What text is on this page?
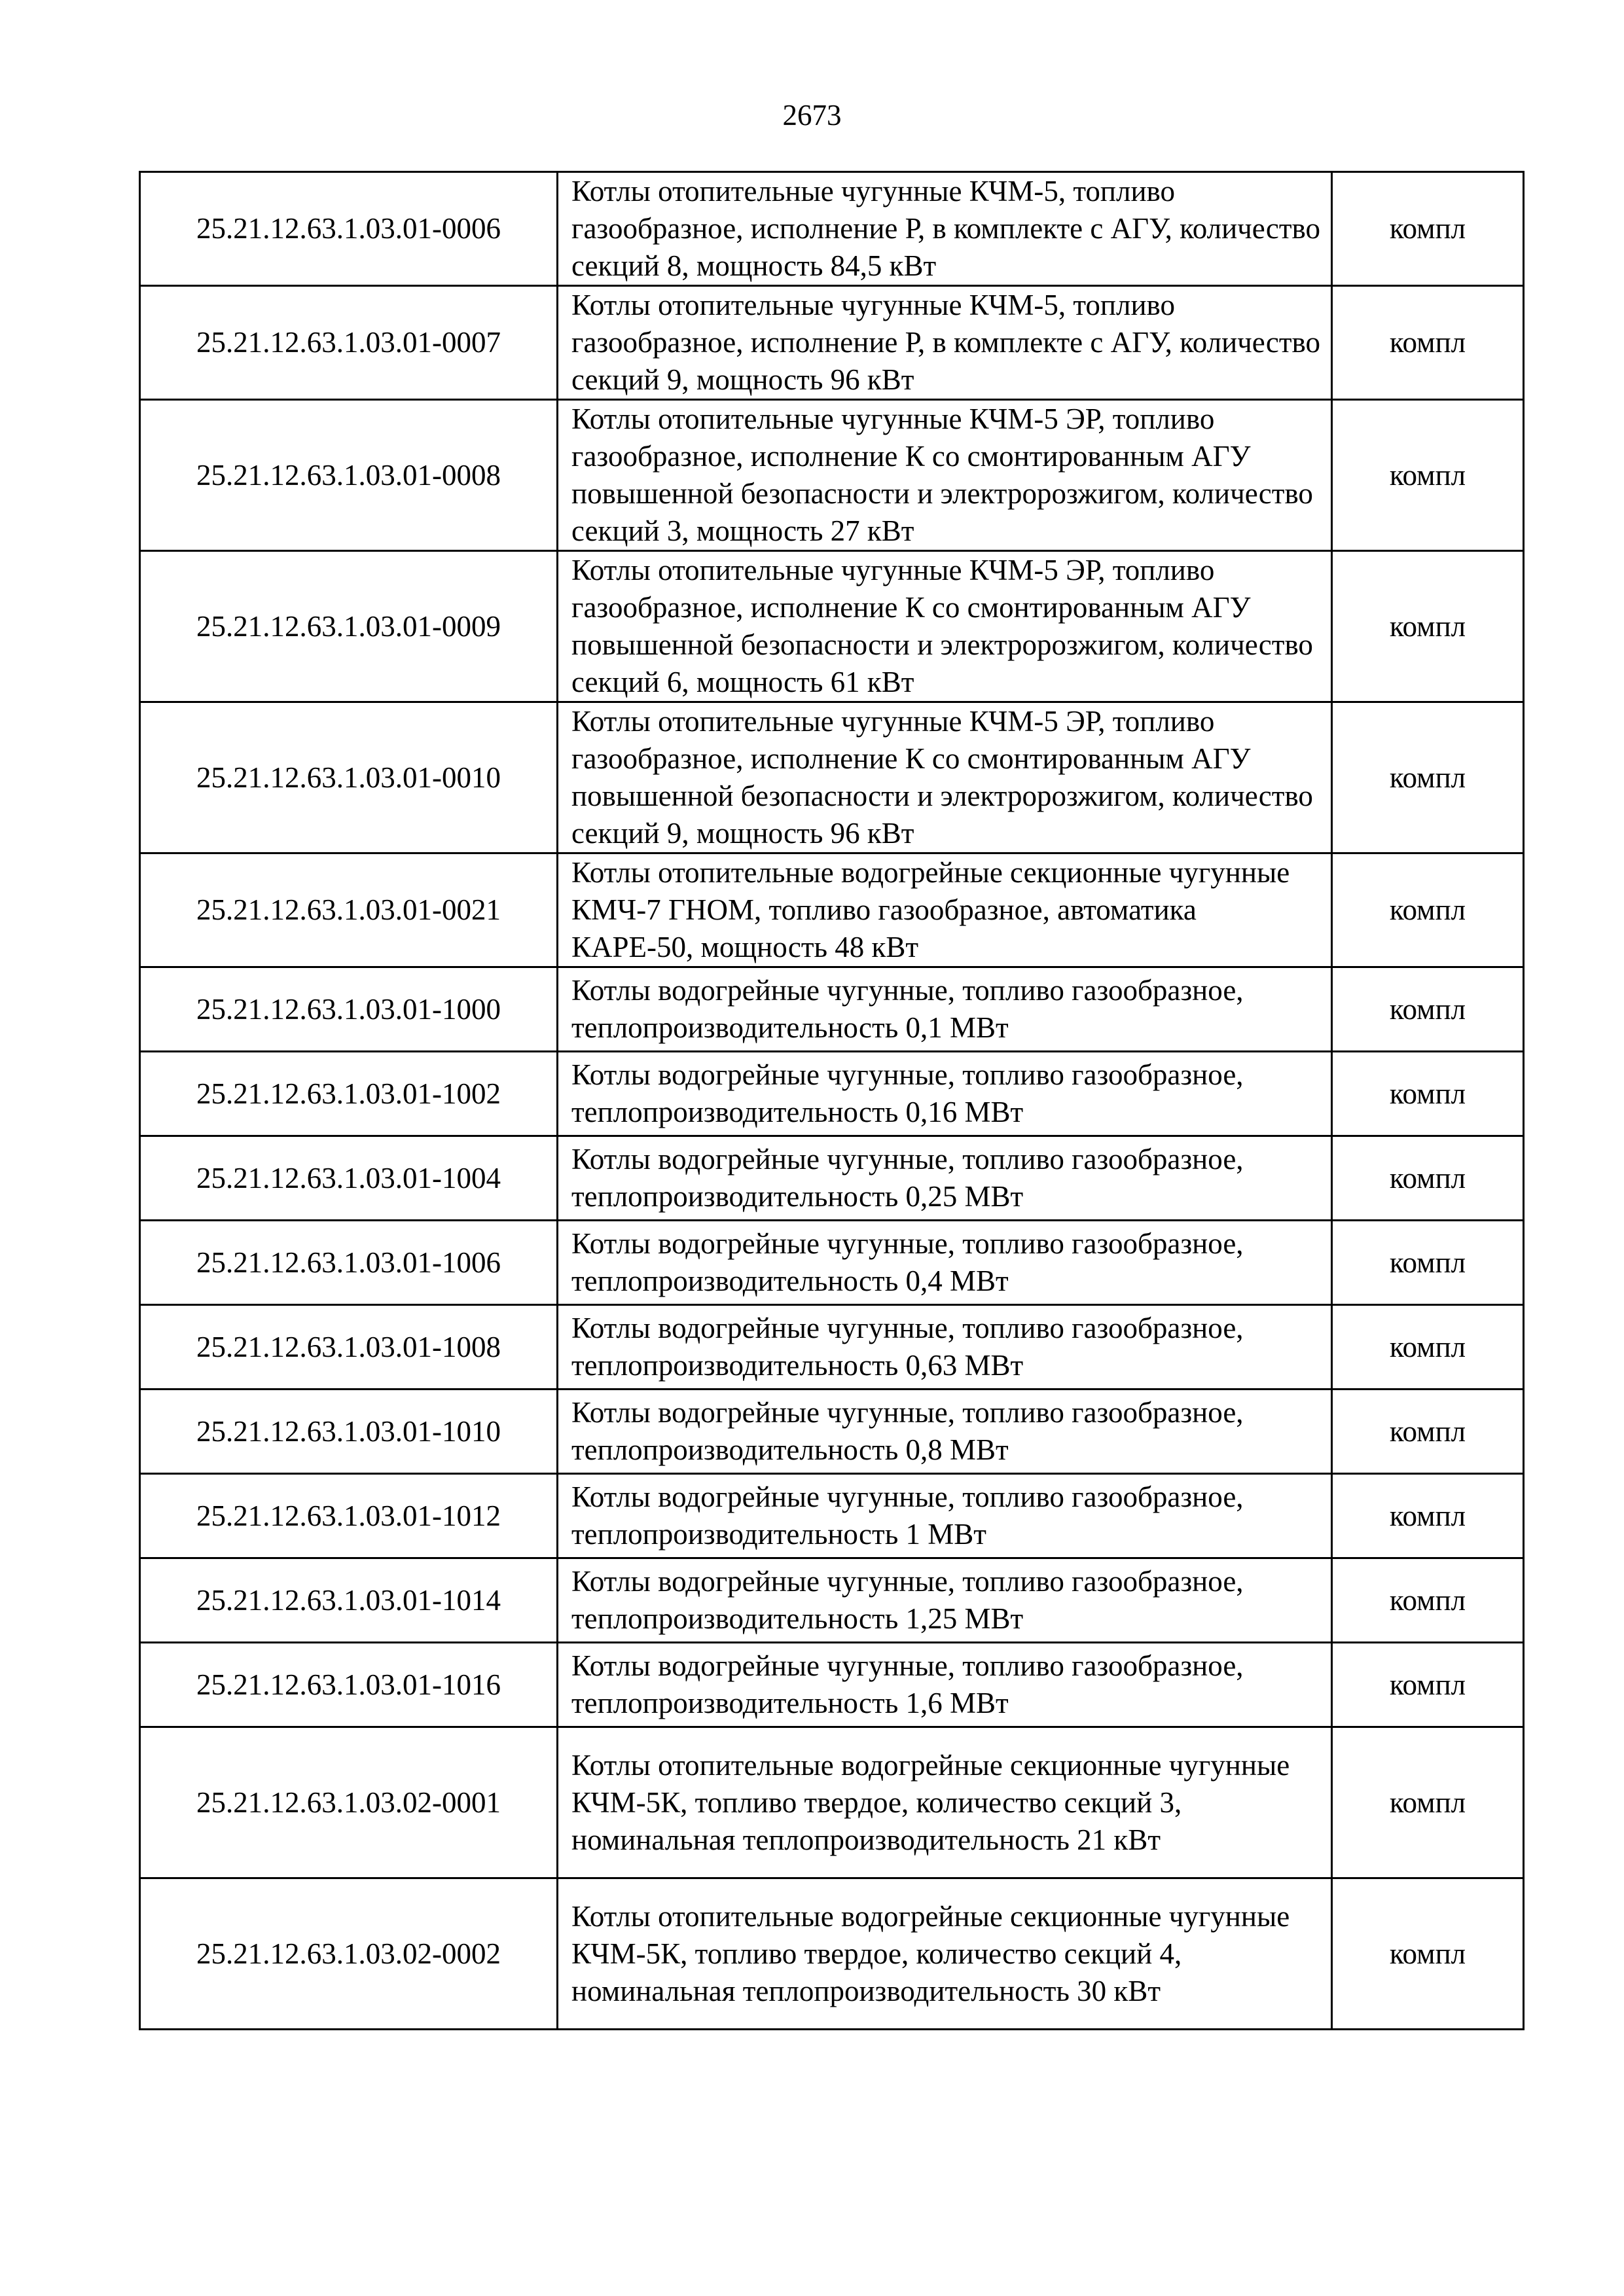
2673
25.21.12.63.1.03.01-0006	Котлы отопительные чугунные КЧМ-5, топливо газообразное, исполнение Р, в комплекте с АГУ, количество секций 8, мощность 84,5 кВт	компл
25.21.12.63.1.03.01-0007	Котлы отопительные чугунные КЧМ-5, топливо газообразное, исполнение Р, в комплекте с АГУ, количество секций 9, мощность 96 кВт	компл
25.21.12.63.1.03.01-0008	Котлы отопительные чугунные КЧМ-5 ЭР, топливо газообразное, исполнение К со смонтированным АГУ повышенной безопасности и электророзжигом, количество секций 3, мощность 27 кВт	компл
25.21.12.63.1.03.01-0009	Котлы отопительные чугунные КЧМ-5 ЭР, топливо газообразное, исполнение К со смонтированным АГУ повышенной безопасности и электророзжигом, количество секций 6, мощность 61 кВт	компл
25.21.12.63.1.03.01-0010	Котлы отопительные чугунные КЧМ-5 ЭР, топливо газообразное, исполнение К со смонтированным АГУ повышенной безопасности и электророзжигом, количество секций 9, мощность 96 кВт	компл
25.21.12.63.1.03.01-0021	Котлы отопительные водогрейные секционные чугунные КМЧ-7 ГНОМ, топливо газообразное, автоматика КАРЕ-50, мощность 48 кВт	компл
25.21.12.63.1.03.01-1000	Котлы водогрейные чугунные, топливо газообразное, теплопроизводительность 0,1 МВт	компл
25.21.12.63.1.03.01-1002	Котлы водогрейные чугунные, топливо газообразное, теплопроизводительность 0,16 МВт	компл
25.21.12.63.1.03.01-1004	Котлы водогрейные чугунные, топливо газообразное, теплопроизводительность 0,25 МВт	компл
25.21.12.63.1.03.01-1006	Котлы водогрейные чугунные, топливо газообразное, теплопроизводительность 0,4 МВт	компл
25.21.12.63.1.03.01-1008	Котлы водогрейные чугунные, топливо газообразное, теплопроизводительность 0,63 МВт	компл
25.21.12.63.1.03.01-1010	Котлы водогрейные чугунные, топливо газообразное, теплопроизводительность 0,8 МВт	компл
25.21.12.63.1.03.01-1012	Котлы водогрейные чугунные, топливо газообразное, теплопроизводительность 1 МВт	компл
25.21.12.63.1.03.01-1014	Котлы водогрейные чугунные, топливо газообразное, теплопроизводительность 1,25 МВт	компл
25.21.12.63.1.03.01-1016	Котлы водогрейные чугунные, топливо газообразное, теплопроизводительность 1,6 МВт	компл
25.21.12.63.1.03.02-0001	Котлы отопительные водогрейные секционные чугунные КЧМ-5К, топливо твердое, количество секций 3, номинальная теплопроизводительность 21 кВт	компл
25.21.12.63.1.03.02-0002	Котлы отопительные водогрейные секционные чугунные КЧМ-5К, топливо твердое, количество секций 4, номинальная теплопроизводительность 30 кВт	компл
